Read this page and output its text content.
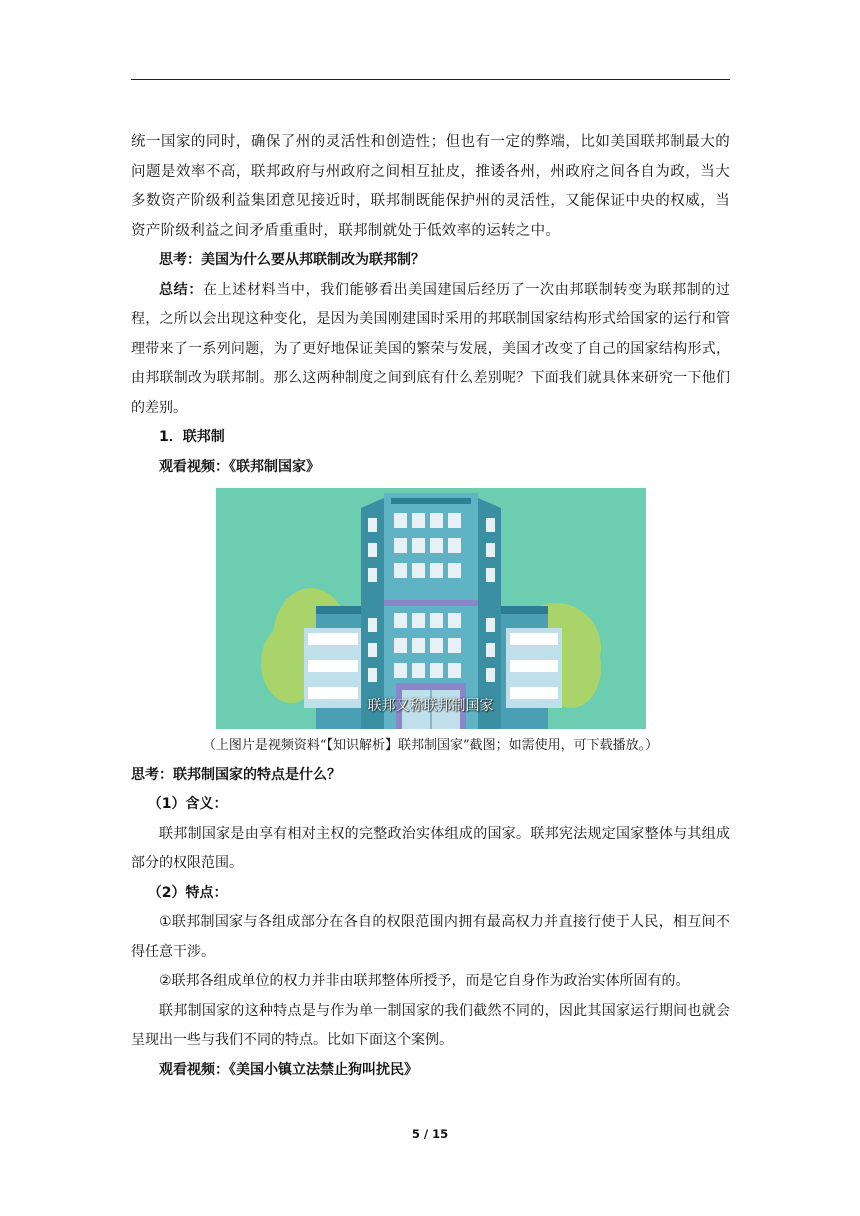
统一国家的同时，确保了州的灵活性和创造性；但也有一定的弊端，比如美国联邦制最大的问题是效率不高，联邦政府与州政府之间相互扯皮，推诿各州，州政府之间各自为政，当大多数资产阶级利益集团意见接近时，联邦制既能保护州的灵活性，又能保证中央的权威，当资产阶级利益之间矛盾重重时，联邦制就处于低效率的运转之中。

思考：美国为什么要从邦联制改为联邦制？

总结：在上述材料当中，我们能够看出美国建国后经历了一次由邦联制转变为联邦制的过程，之所以会出现这种变化，是因为美国刚建国时采用的邦联制国家结构形式给国家的运行和管理带来了一系列问题，为了更好地保证美国的繁荣与发展，美国才改变了自己的国家结构形式，由邦联制改为联邦制。那么这两种制度之间到底有什么差别呢？下面我们就具体来研究一下他们的差别。

1．联邦制

观看视频：《联邦制国家》

联邦又称联邦制国家

（上图片是视频资料“【知识解析】联邦制国家”截图；如需使用，可下载播放。）

思考：联邦制国家的特点是什么？

（1）含义：

联邦制国家是由享有相对主权的完整政治实体组成的国家。联邦宪法规定国家整体与其组成部分的权限范围。

（2）特点：

①联邦制国家与各组成部分在各自的权限范围内拥有最高权力并直接行使于人民，相互间不得任意干涉。

②联邦各组成单位的权力并非由联邦整体所授予，而是它自身作为政治实体所固有的。

联邦制国家的这种特点是与作为单一制国家的我们截然不同的，因此其国家运行期间也就会呈现出一些与我们不同的特点。比如下面这个案例。

观看视频：《美国小镇立法禁止狗叫扰民》

5 / 15
